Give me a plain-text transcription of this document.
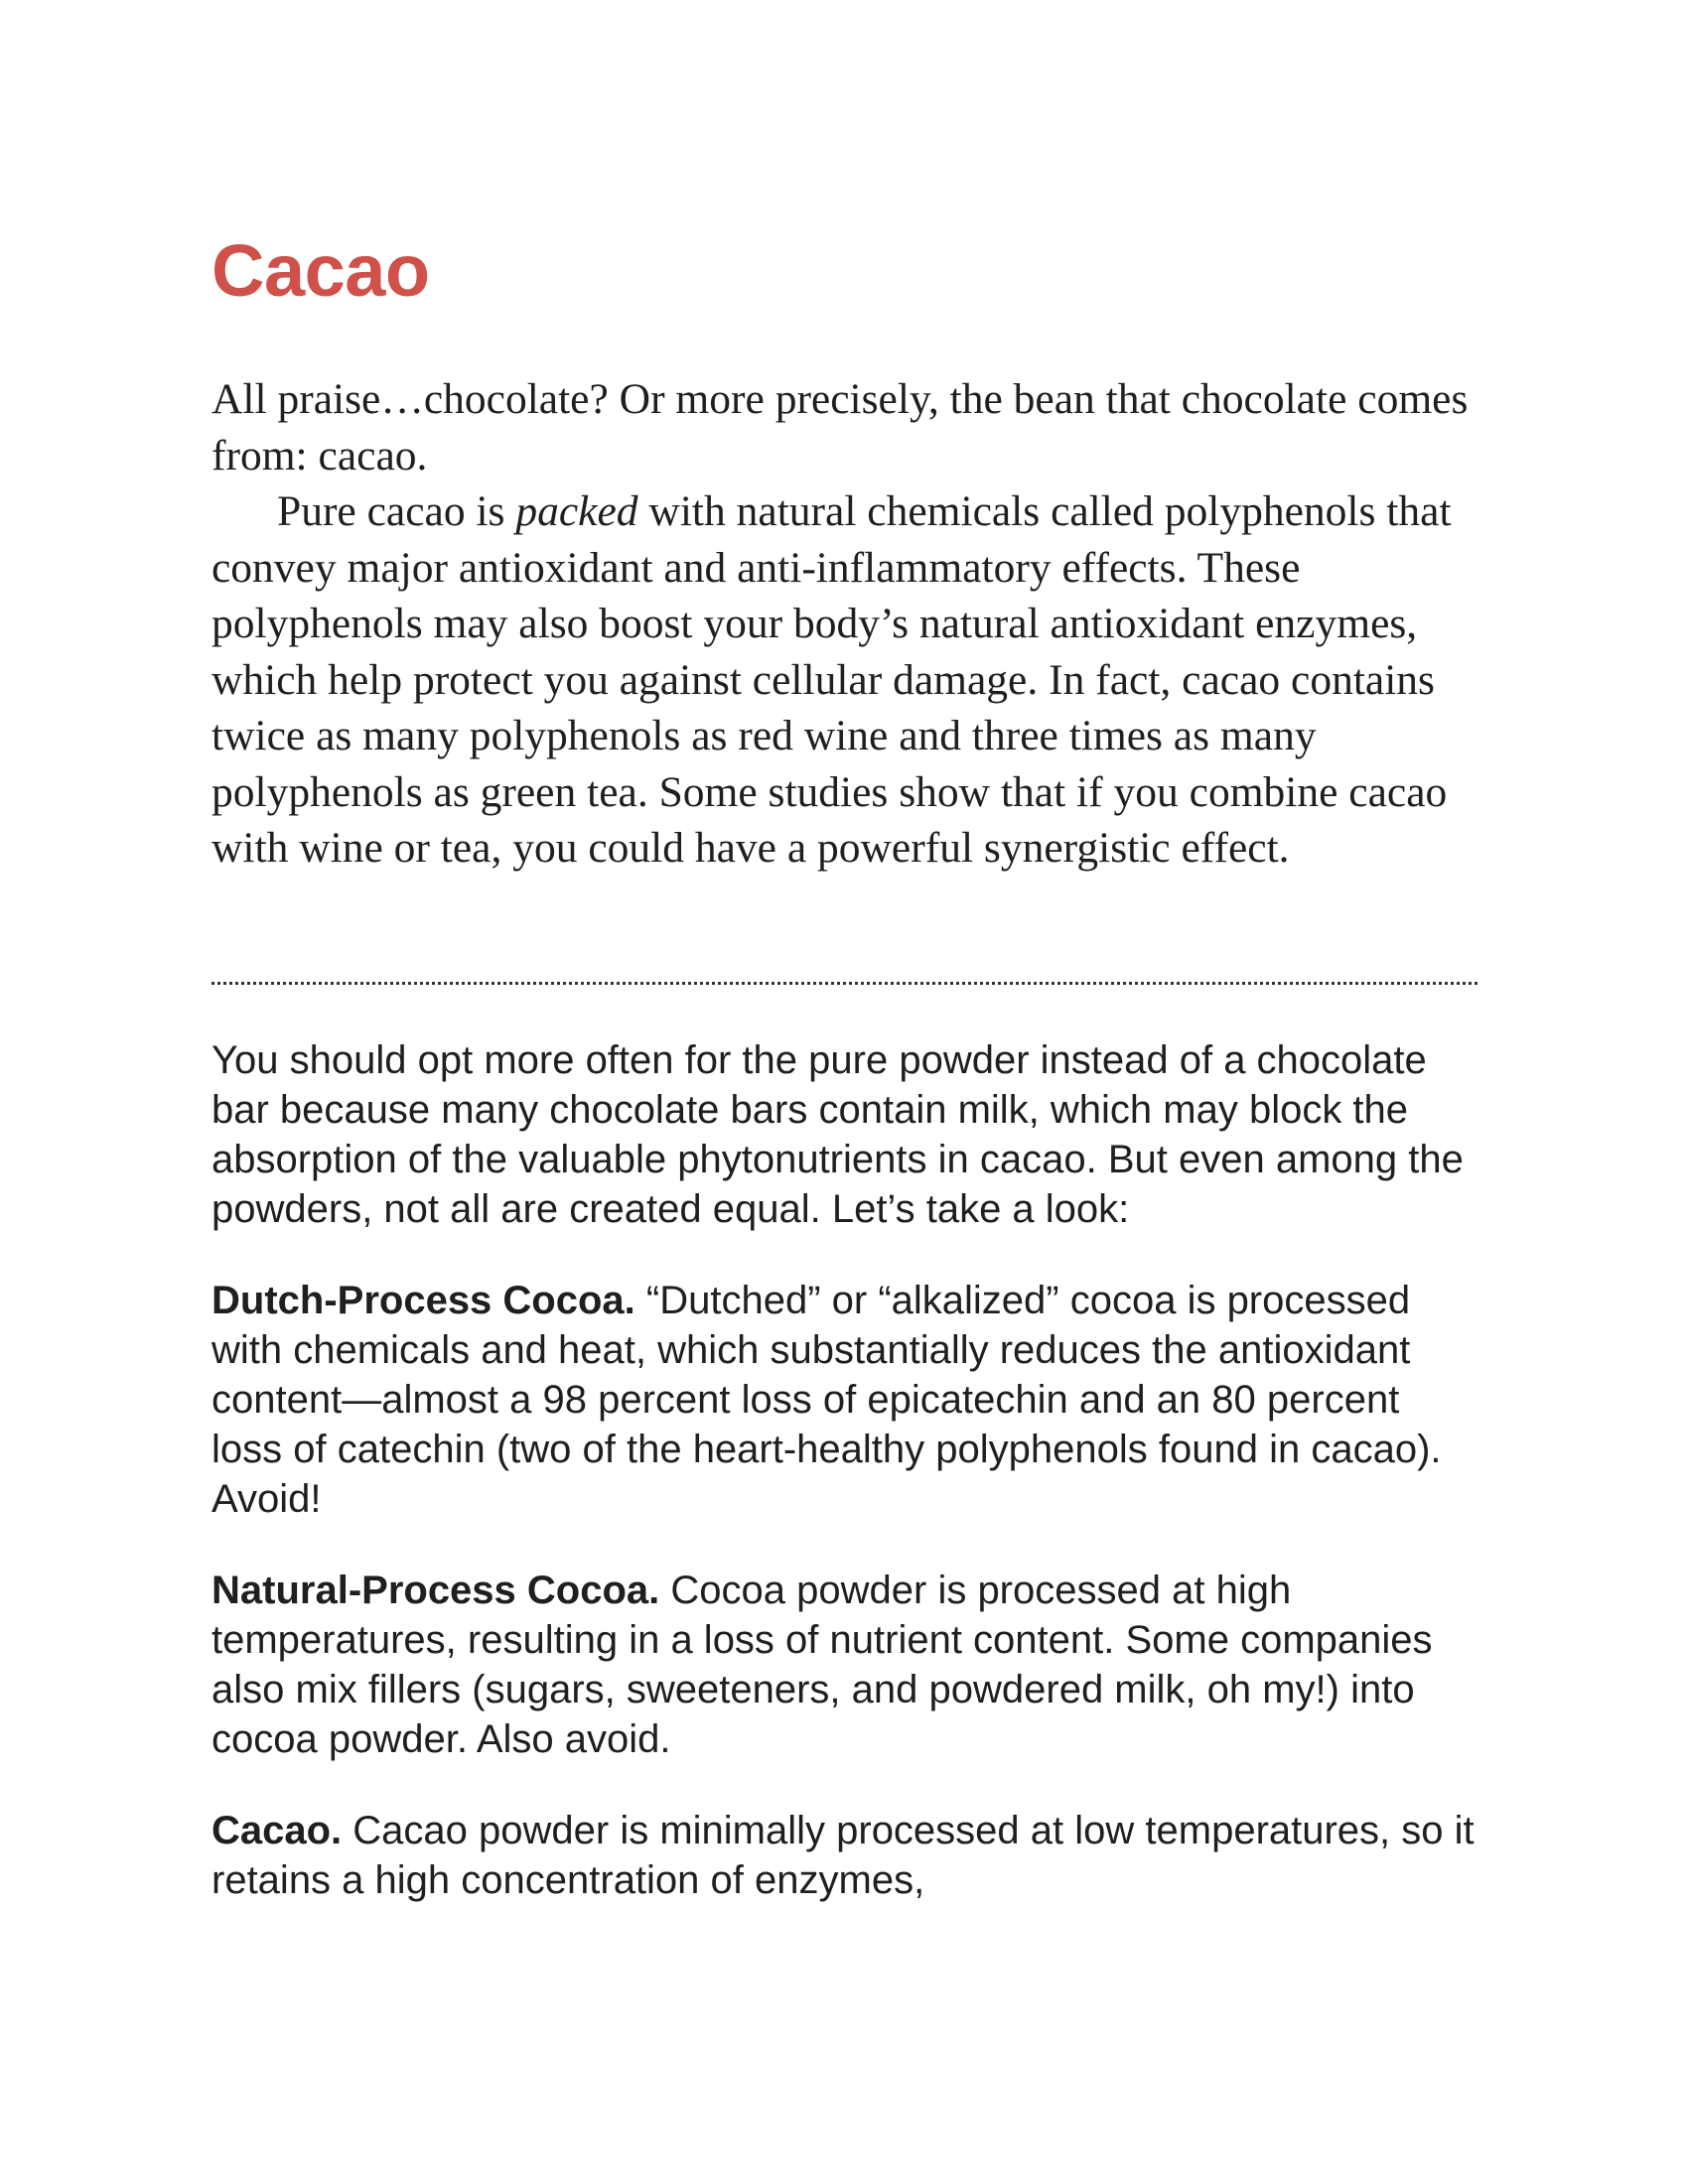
Cacao

All praise…chocolate? Or more precisely, the bean that chocolate comes from: cacao.

Pure cacao is packed with natural chemicals called polyphenols that convey major antioxidant and anti-inflammatory effects. These polyphenols may also boost your body’s natural antioxidant enzymes, which help protect you against cellular damage. In fact, cacao contains twice as many polyphenols as red wine and three times as many polyphenols as green tea. Some studies show that if you combine cacao with wine or tea, you could have a powerful synergistic effect.

You should opt more often for the pure powder instead of a chocolate bar because many chocolate bars contain milk, which may block the absorption of the valuable phytonutrients in cacao. But even among the powders, not all are created equal. Let’s take a look:

Dutch-Process Cocoa. “Dutched” or “alkalized” cocoa is processed with chemicals and heat, which substantially reduces the antioxidant content—almost a 98 percent loss of epicatechin and an 80 percent loss of catechin (two of the heart-healthy polyphenols found in cacao). Avoid!

Natural-Process Cocoa. Cocoa powder is processed at high temperatures, resulting in a loss of nutrient content. Some companies also mix fillers (sugars, sweeteners, and powdered milk, oh my!) into cocoa powder. Also avoid.

Cacao. Cacao powder is minimally processed at low temperatures, so it retains a high concentration of enzymes,
